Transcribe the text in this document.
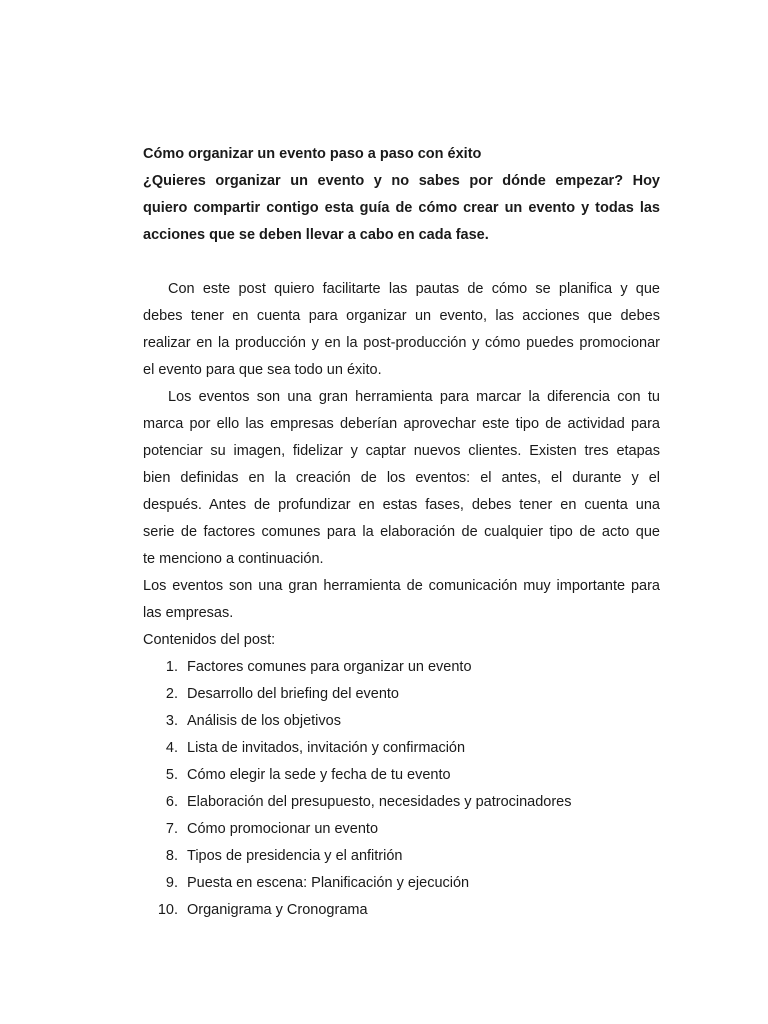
Cómo organizar un evento paso a paso con éxito
¿Quieres organizar un evento y no sabes por dónde empezar? Hoy
quiero compartir contigo esta guía de cómo crear un evento y todas las
acciones que se deben llevar a cabo en cada fase.
Con este post quiero facilitarte las pautas de cómo se planifica y que
debes tener en cuenta para organizar un evento, las acciones que debes
realizar en la producción y en la post-producción y cómo puedes promocionar
el evento para que sea todo un éxito.
Los eventos son una gran herramienta para marcar la diferencia con tu
marca por ello las empresas deberían aprovechar este tipo de actividad para
potenciar su imagen, fidelizar y captar nuevos clientes. Existen tres etapas
bien definidas en la creación de los eventos: el antes, el durante y el
después. Antes de profundizar en estas fases, debes tener en cuenta una
serie de factores comunes para la elaboración de cualquier tipo de acto que
te menciono a continuación.
Los eventos son una gran herramienta de comunicación muy importante para
las empresas.
Contenidos del post:
1. Factores comunes para organizar un evento
2. Desarrollo del briefing del evento
3. Análisis de los objetivos
4. Lista de invitados, invitación y confirmación
5. Cómo elegir la sede y fecha de tu evento
6. Elaboración del presupuesto, necesidades y patrocinadores
7. Cómo promocionar un evento
8. Tipos de presidencia y el anfitrión
9. Puesta en escena: Planificación y ejecución
10. Organigrama y Cronograma
